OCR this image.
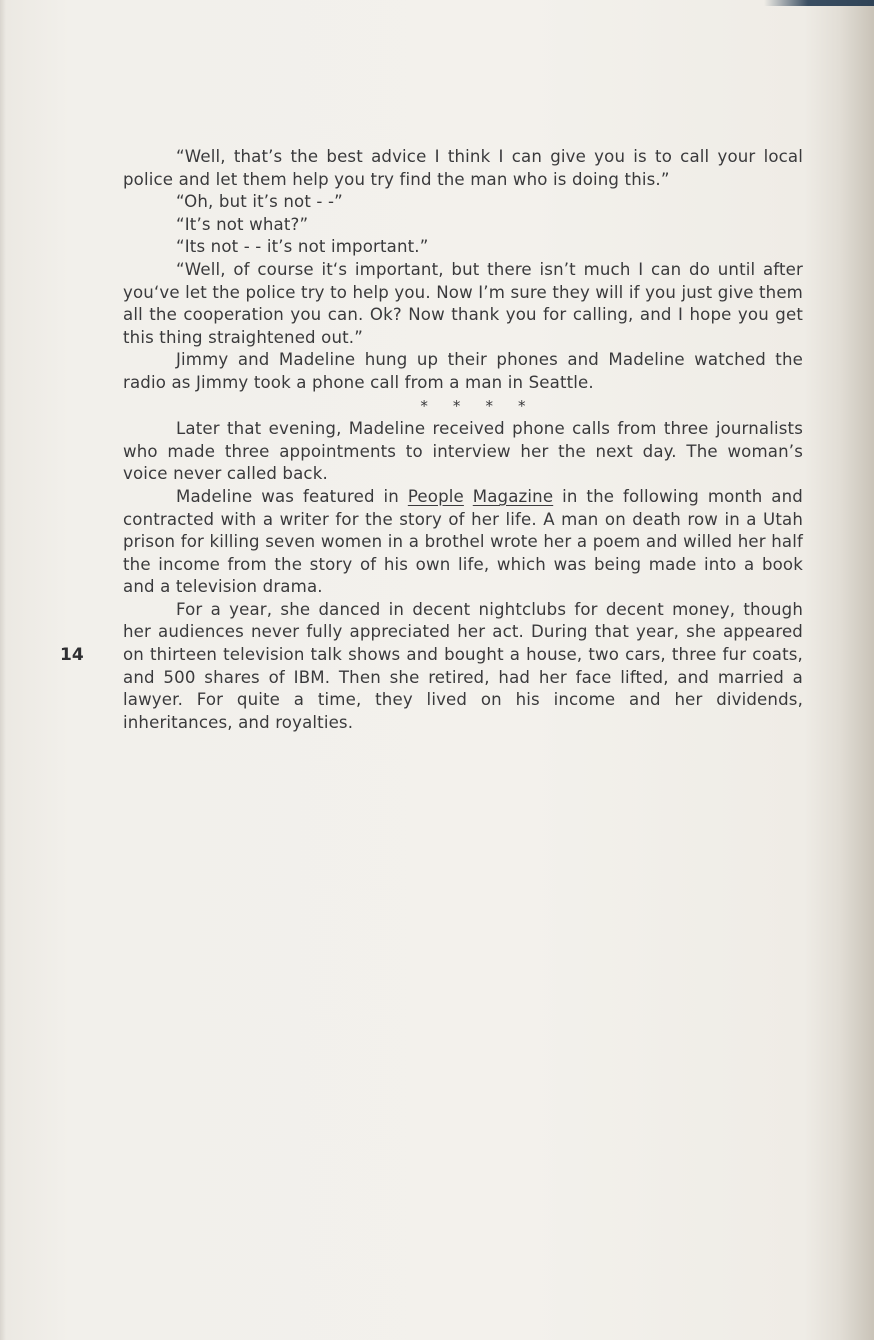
“Well, that’s the best advice I think I can give you is to call your local police and let them help you try find the man who is doing this.”

“Oh, but it’s not - -”

“It’s not what?”

“Its not - - it’s not important.”

“Well, of course it‘s important, but there isn’t much I can do until after you‘ve let the police try to help you. Now I’m sure they will if you just give them all the cooperation you can. Ok? Now thank you for calling, and I hope you get this thing straightened out.”

Jimmy and Madeline hung up their phones and Madeline watched the radio as Jimmy took a phone call from a man in Seattle.

* * * *

Later that evening, Madeline received phone calls from three journalists who made three appointments to interview her the next day. The woman’s voice never called back.

Madeline was featured in People Magazine in the following month and contracted with a writer for the story of her life. A man on death row in a Utah prison for killing seven women in a brothel wrote her a poem and willed her half the income from the story of his own life, which was being made into a book and a television drama.

For a year, she danced in decent nightclubs for decent money, though her audiences never fully appreciated her act. During that year, she appeared on thirteen television talk shows and bought a house, two cars, three fur coats, and 500 shares of IBM. Then she retired, had her face lifted, and married a lawyer. For quite a time, they lived on his income and her dividends, inheritances, and royalties.

14
